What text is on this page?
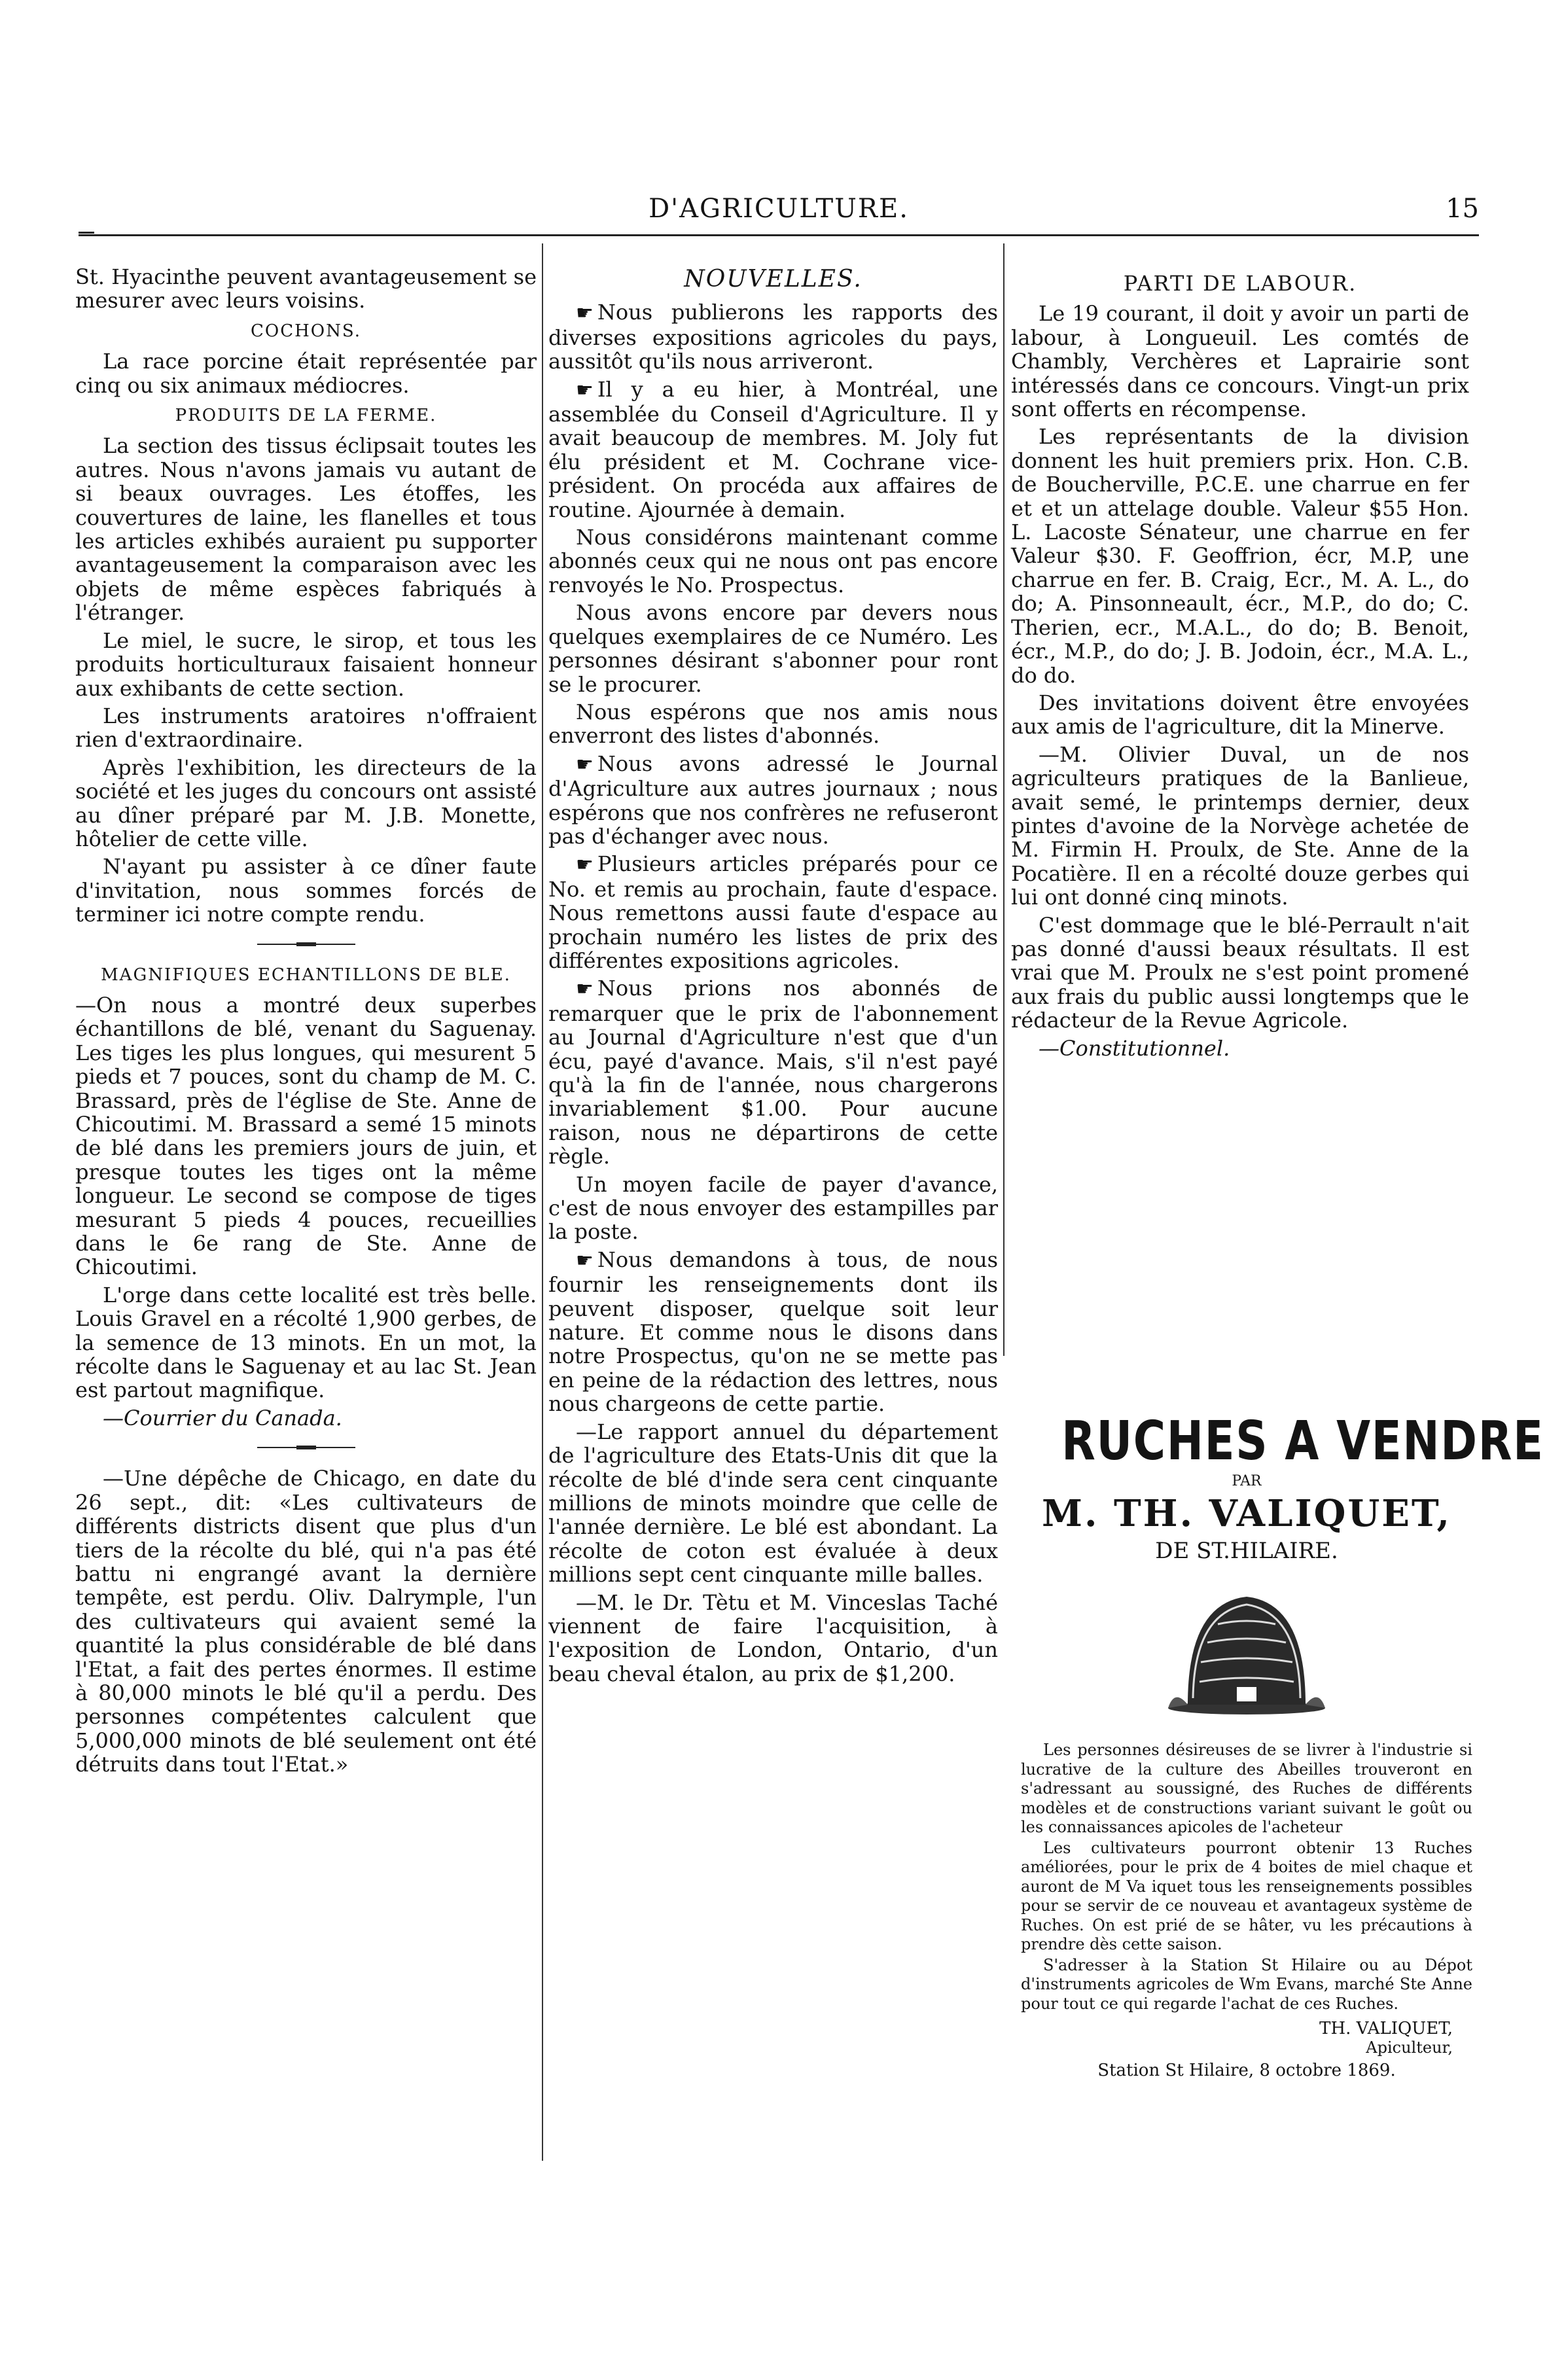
D'AGRICULTURE.	15

St. Hyacinthe peuvent avantageusement se mesurer avec leurs voisins.

COCHONS.

La race porcine était représentée par cinq ou six animaux médiocres.

PRODUITS DE LA FERME.

La section des tissus éclipsait toutes les autres. Nous n'avons jamais vu autant de si beaux ouvrages. Les étoffes, les couvertures de laine, les flanelles et tous les articles exhibés auraient pu supporter avantageusement la comparaison avec les objets de même espèces fabriqués à l'étranger.

Le miel, le sucre, le sirop, et tous les produits horticulturaux faisaient honneur aux exhibants de cette section.

Les instruments aratoires n'offraient rien d'extraordinaire.

Après l'exhibition, les directeurs de la société et les juges du concours ont assisté au dîner préparé par M. J.B. Monette, hôtelier de cette ville.

N'ayant pu assister à ce dîner faute d'invitation, nous sommes forcés de terminer ici notre compte rendu.

MAGNIFIQUES ECHANTILLONS DE BLE.

—On nous a montré deux superbes échantillons de blé, venant du Saguenay. Les tiges les plus longues, qui mesurent 5 pieds et 7 pouces, sont du champ de M. C. Brassard, près de l'église de Ste. Anne de Chicoutimi. M. Brassard a semé 15 minots de blé dans les premiers jours de juin, et presque toutes les tiges ont la même longueur. Le second se compose de tiges mesurant 5 pieds 4 pouces, recueillies dans le 6e rang de Ste. Anne de Chicoutimi.

L'orge dans cette localité est très belle. Louis Gravel en a récolté 1,900 gerbes, de la semence de 13 minots. En un mot, la récolte dans le Saguenay et au lac St. Jean est partout magnifique.

—Courrier du Canada.

—Une dépêche de Chicago, en date du 26 sept., dit: «Les cultivateurs de différents districts disent que plus d'un tiers de la récolte du blé, qui n'a pas été battu ni engrangé avant la dernière tempête, est perdu. Oliv. Dalrymple, l'un des cultivateurs qui avaient semé la quantité la plus considérable de blé dans l'Etat, a fait des pertes énormes. Il estime à 80,000 minots le blé qu'il a perdu. Des personnes compétentes calculent que 5,000,000 minots de blé seulement ont été détruits dans tout l'Etat.»

NOUVELLES.

☛ Nous publierons les rapports des diverses expositions agricoles du pays, aussitôt qu'ils nous arriveront.

☛ Il y a eu hier, à Montréal, une assemblée du Conseil d'Agriculture. Il y avait beaucoup de membres. M. Joly fut élu président et M. Cochrane vice-président. On procéda aux affaires de routine. Ajournée à demain.

Nous considérons maintenant comme abonnés ceux qui ne nous ont pas encore renvoyés le No. Prospectus.

Nous avons encore par devers nous quelques exemplaires de ce Numéro. Les personnes désirant s'abonner pour ront se le procurer.

Nous espérons que nos amis nous enverront des listes d'abonnés.

☛ Nous avons adressé le Journal d'Agriculture aux autres journaux ; nous espérons que nos confrères ne refuseront pas d'échanger avec nous.

☛ Plusieurs articles préparés pour ce No. et remis au prochain, faute d'espace. Nous remettons aussi faute d'espace au prochain numéro les listes de prix des différentes expositions agricoles.

☛ Nous prions nos abonnés de remarquer que le prix de l'abonnement au Journal d'Agriculture n'est que d'un écu, payé d'avance. Mais, s'il n'est payé qu'à la fin de l'année, nous chargerons invariablement $1.00. Pour aucune raison, nous ne départirons de cette règle.

Un moyen facile de payer d'avance, c'est de nous envoyer des estampilles par la poste.

☛ Nous demandons à tous, de nous fournir les renseignements dont ils peuvent disposer, quelque soit leur nature. Et comme nous le disons dans notre Prospectus, qu'on ne se mette pas en peine de la rédaction des lettres, nous nous chargeons de cette partie.

—Le rapport annuel du département de l'agriculture des Etats-Unis dit que la récolte de blé d'inde sera cent cinquante millions de minots moindre que celle de l'année dernière. Le blé est abondant. La récolte de coton est évaluée à deux millions sept cent cinquante mille balles.

—M. le Dr. Tètu et M. Vinceslas Taché viennent de faire l'acquisition, à l'exposition de London, Ontario, d'un beau cheval étalon, au prix de $1,200.

PARTI DE LABOUR.

Le 19 courant, il doit y avoir un parti de labour, à Longueuil. Les comtés de Chambly, Verchères et Laprairie sont intéressés dans ce concours. Vingt-un prix sont offerts en récompense.

Les représentants de la division donnent les huit premiers prix. Hon. C.B. de Boucherville, P.C.E. une charrue en fer et et un attelage double. Valeur $55 Hon. L. Lacoste Sénateur, une charrue en fer Valeur $30. F. Geoffrion, écr, M.P, une charrue en fer. B. Craig, Ecr., M. A. L., do do; A. Pinsonneault, écr., M.P., do do; C. Therien, ecr., M.A.L., do do; B. Benoit, écr., M.P., do do; J. B. Jodoin, écr., M.A. L., do do.

Des invitations doivent être envoyées aux amis de l'agriculture, dit la Minerve.

—M. Olivier Duval, un de nos agriculteurs pratiques de la Banlieue, avait semé, le printemps dernier, deux pintes d'avoine de la Norvège achetée de M. Firmin H. Proulx, de Ste. Anne de la Pocatière. Il en a récolté douze gerbes qui lui ont donné cinq minots.

C'est dommage que le blé-Perrault n'ait pas donné d'aussi beaux résultats. Il est vrai que M. Proulx ne s'est point promené aux frais du public aussi longtemps que le rédacteur de la Revue Agricole.

—Constitutionnel.

RUCHES A VENDRE

PAR

M. TH. VALIQUET,

DE ST.HILAIRE.

Les personnes désireuses de se livrer à l'industrie si lucrative de la culture des Abeilles trouveront en s'adressant au soussigné, des Ruches de différents modèles et de constructions variant suivant le goût ou les connaissances apicoles de l'acheteur

Les cultivateurs pourront obtenir 13 Ruches améliorées, pour le prix de 4 boites de miel chaque et auront de M Va iquet tous les renseignements possibles pour se servir de ce nouveau et avantageux système de Ruches. On est prié de se hâter, vu les précautions à prendre dès cette saison.

S'adresser à la Station St Hilaire ou au Dépot d'instruments agricoles de Wm Evans, marché Ste Anne pour tout ce qui regarde l'achat de ces Ruches.

TH. VALIQUET,
Apiculteur,
Station St Hilaire, 8 octobre 1869.
